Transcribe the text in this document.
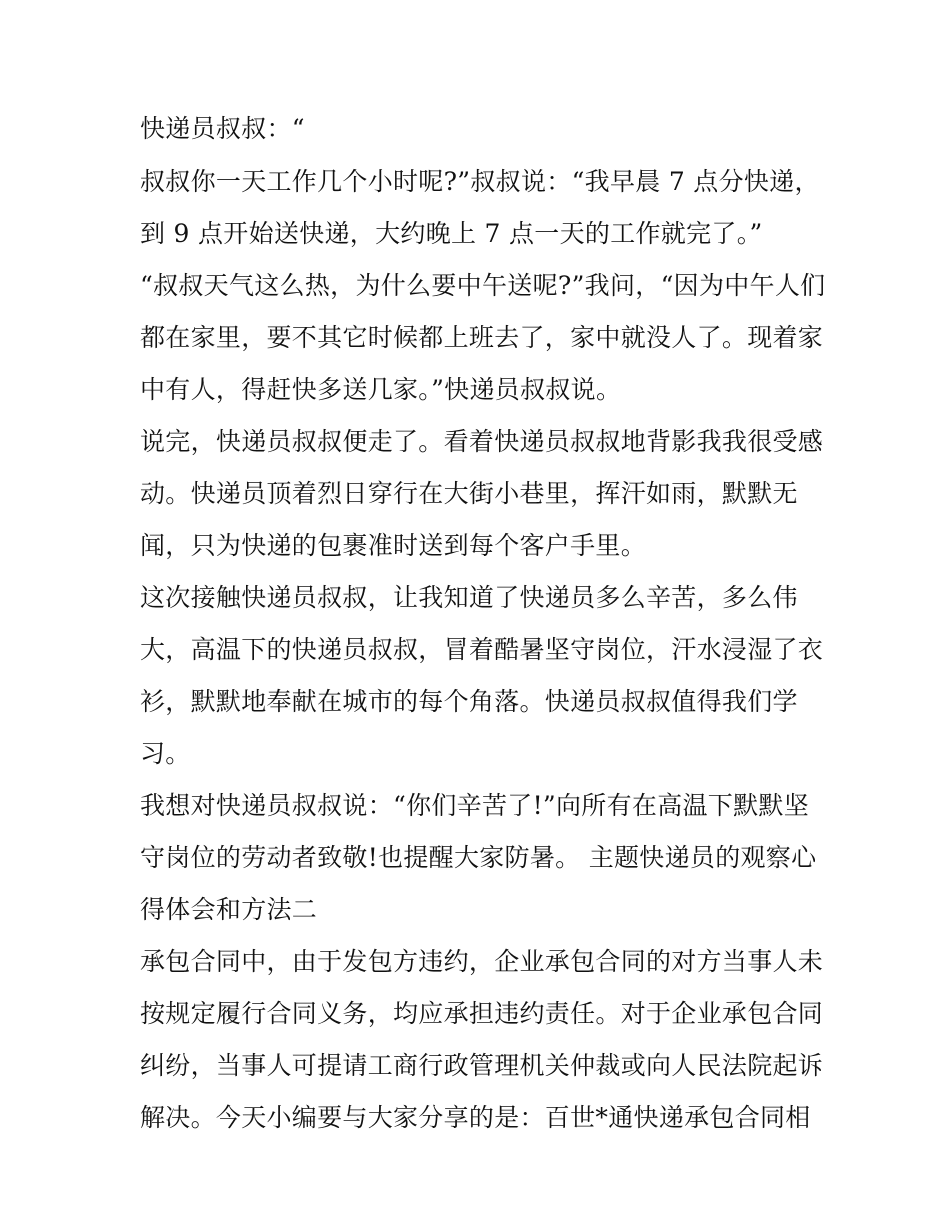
快递员叔叔：“
叔叔你一天工作几个小时呢?”叔叔说：“我早晨 7 点分快递，
到 9 点开始送快递，大约晚上 7 点一天的工作就完了。”
“叔叔天气这么热，为什么要中午送呢?”我问，“因为中午人们
都在家里，要不其它时候都上班去了，家中就没人了。现着家
中有人，得赶快多送几家。”快递员叔叔说。
说完，快递员叔叔便走了。看着快递员叔叔地背影我我很受感
动。快递员顶着烈日穿行在大街小巷里，挥汗如雨，默默无
闻，只为快递的包裹准时送到每个客户手里。
这次接触快递员叔叔，让我知道了快递员多么辛苦，多么伟
大，高温下的快递员叔叔，冒着酷暑坚守岗位，汗水浸湿了衣
衫，默默地奉献在城市的每个角落。快递员叔叔值得我们学
习。
我想对快递员叔叔说：“你们辛苦了!”向所有在高温下默默坚
守岗位的劳动者致敬!也提醒大家防暑。 主题快递员的观察心
得体会和方法二
承包合同中，由于发包方违约，企业承包合同的对方当事人未
按规定履行合同义务，均应承担违约责任。对于企业承包合同
纠纷，当事人可提请工商行政管理机关仲裁或向人民法院起诉
解决。今天小编要与大家分享的是：百世*通快递承包合同相
